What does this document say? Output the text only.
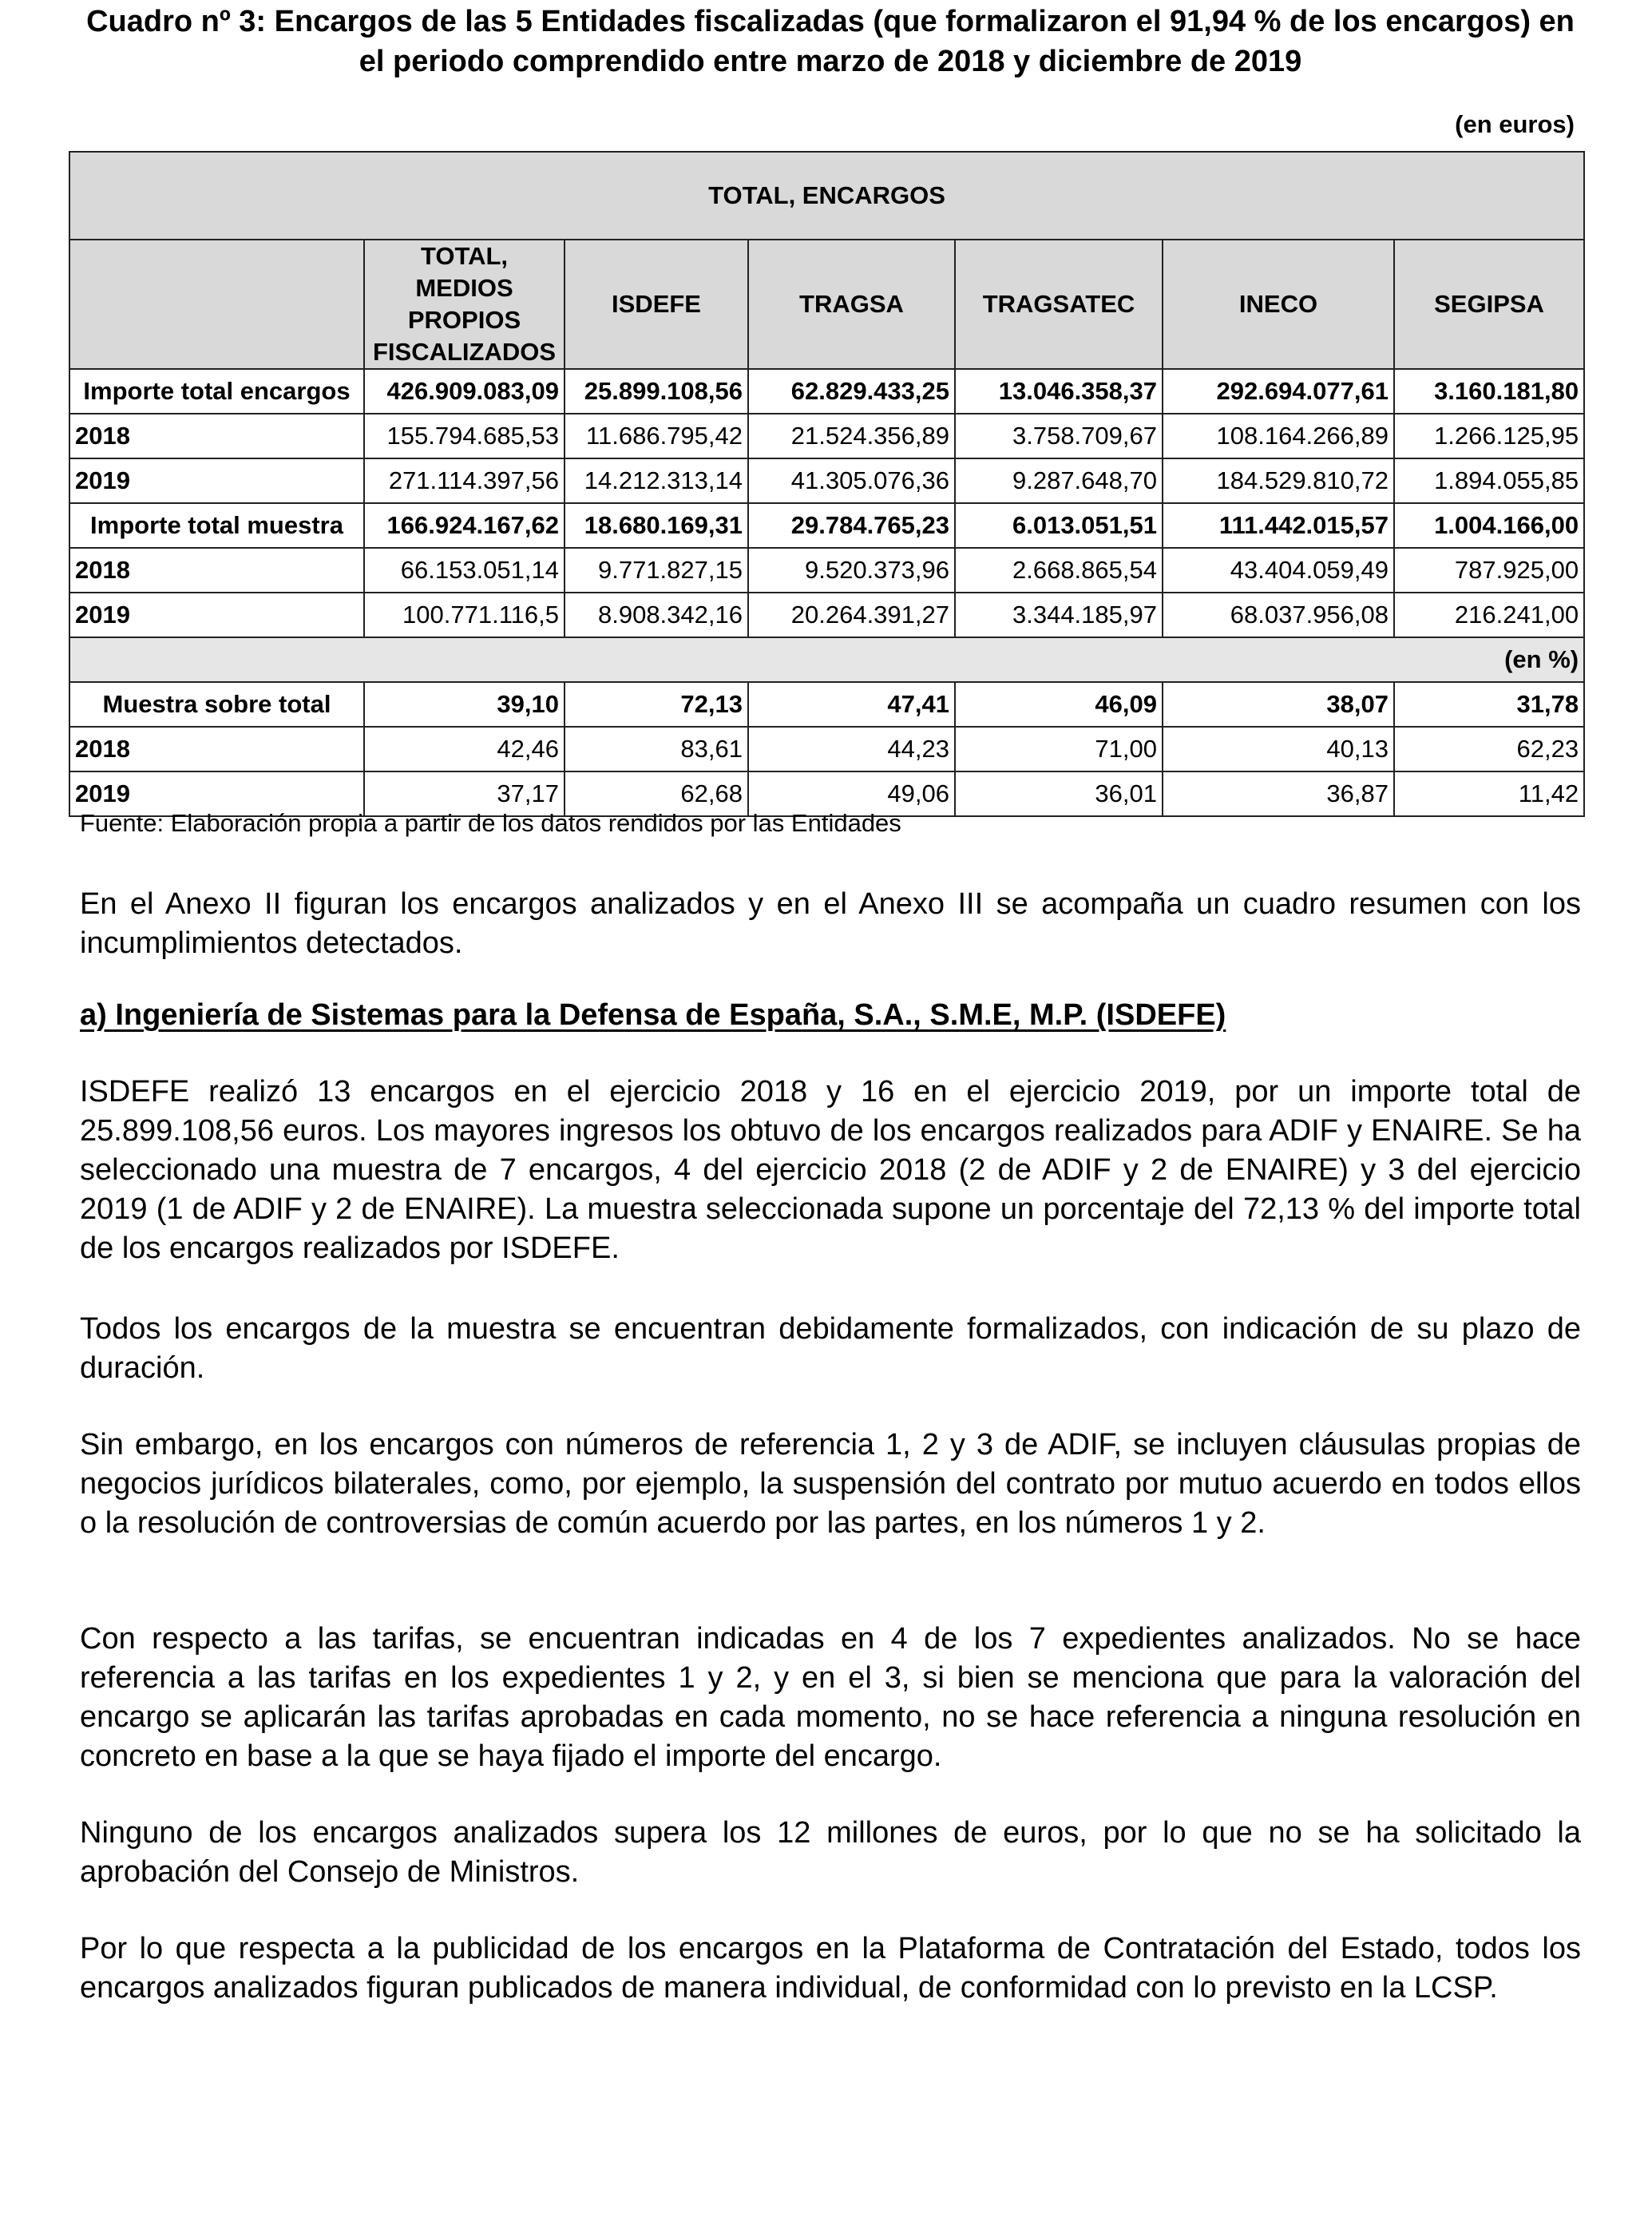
Cuadro nº 3: Encargos de las 5 Entidades fiscalizadas (que formalizaron el 91,94 % de los encargos) en el periodo comprendido entre marzo de 2018 y diciembre de 2019
(en euros)
TOTAL, ENCARGOS						
	TOTAL, MEDIOS PROPIOS FISCALIZADOS	ISDEFE	TRAGSA	TRAGSATEC	INECO	SEGIPSA
Importe total encargos	426.909.083,09	25.899.108,56	62.829.433,25	13.046.358,37	292.694.077,61	3.160.181,80
2018	155.794.685,53	11.686.795,42	21.524.356,89	3.758.709,67	108.164.266,89	1.266.125,95
2019	271.114.397,56	14.212.313,14	41.305.076,36	9.287.648,70	184.529.810,72	1.894.055,85
Importe total muestra	166.924.167,62	18.680.169,31	29.784.765,23	6.013.051,51	111.442.015,57	1.004.166,00
2018	66.153.051,14	9.771.827,15	9.520.373,96	2.668.865,54	43.404.059,49	787.925,00
2019	100.771.116,5	8.908.342,16	20.264.391,27	3.344.185,97	68.037.956,08	216.241,00
(en %)						
Muestra sobre total	39,10	72,13	47,41	46,09	38,07	31,78
2018	42,46	83,61	44,23	71,00	40,13	62,23
2019	37,17	62,68	49,06	36,01	36,87	11,42
Fuente: Elaboración propia a partir de los datos rendidos por las Entidades
En el Anexo II figuran los encargos analizados y en el Anexo III se acompaña un cuadro resumen con los incumplimientos detectados.
a) Ingeniería de Sistemas para la Defensa de España, S.A., S.M.E, M.P. (ISDEFE)
ISDEFE realizó 13 encargos en el ejercicio 2018 y 16 en el ejercicio 2019, por un importe total de 25.899.108,56 euros. Los mayores ingresos los obtuvo de los encargos realizados para ADIF y ENAIRE. Se ha seleccionado una muestra de 7 encargos, 4 del ejercicio 2018 (2 de ADIF y 2 de ENAIRE) y 3 del ejercicio 2019 (1 de ADIF y 2 de ENAIRE). La muestra seleccionada supone un porcentaje del 72,13 % del importe total de los encargos realizados por ISDEFE.
Todos los encargos de la muestra se encuentran debidamente formalizados, con indicación de su plazo de duración.
Sin embargo, en los encargos con números de referencia 1, 2 y 3 de ADIF, se incluyen cláusulas propias de negocios jurídicos bilaterales, como, por ejemplo, la suspensión del contrato por mutuo acuerdo en todos ellos o la resolución de controversias de común acuerdo por las partes, en los números 1 y 2.
Con respecto a las tarifas, se encuentran indicadas en 4 de los 7 expedientes analizados. No se hace referencia a las tarifas en los expedientes 1 y 2, y en el 3, si bien se menciona que para la valoración del encargo se aplicarán las tarifas aprobadas en cada momento, no se hace referencia a ninguna resolución en concreto en base a la que se haya fijado el importe del encargo.
Ninguno de los encargos analizados supera los 12 millones de euros, por lo que no se ha solicitado la aprobación del Consejo de Ministros.
Por lo que respecta a la publicidad de los encargos en la Plataforma de Contratación del Estado, todos los encargos analizados figuran publicados de manera individual, de conformidad con lo previsto en la LCSP.
